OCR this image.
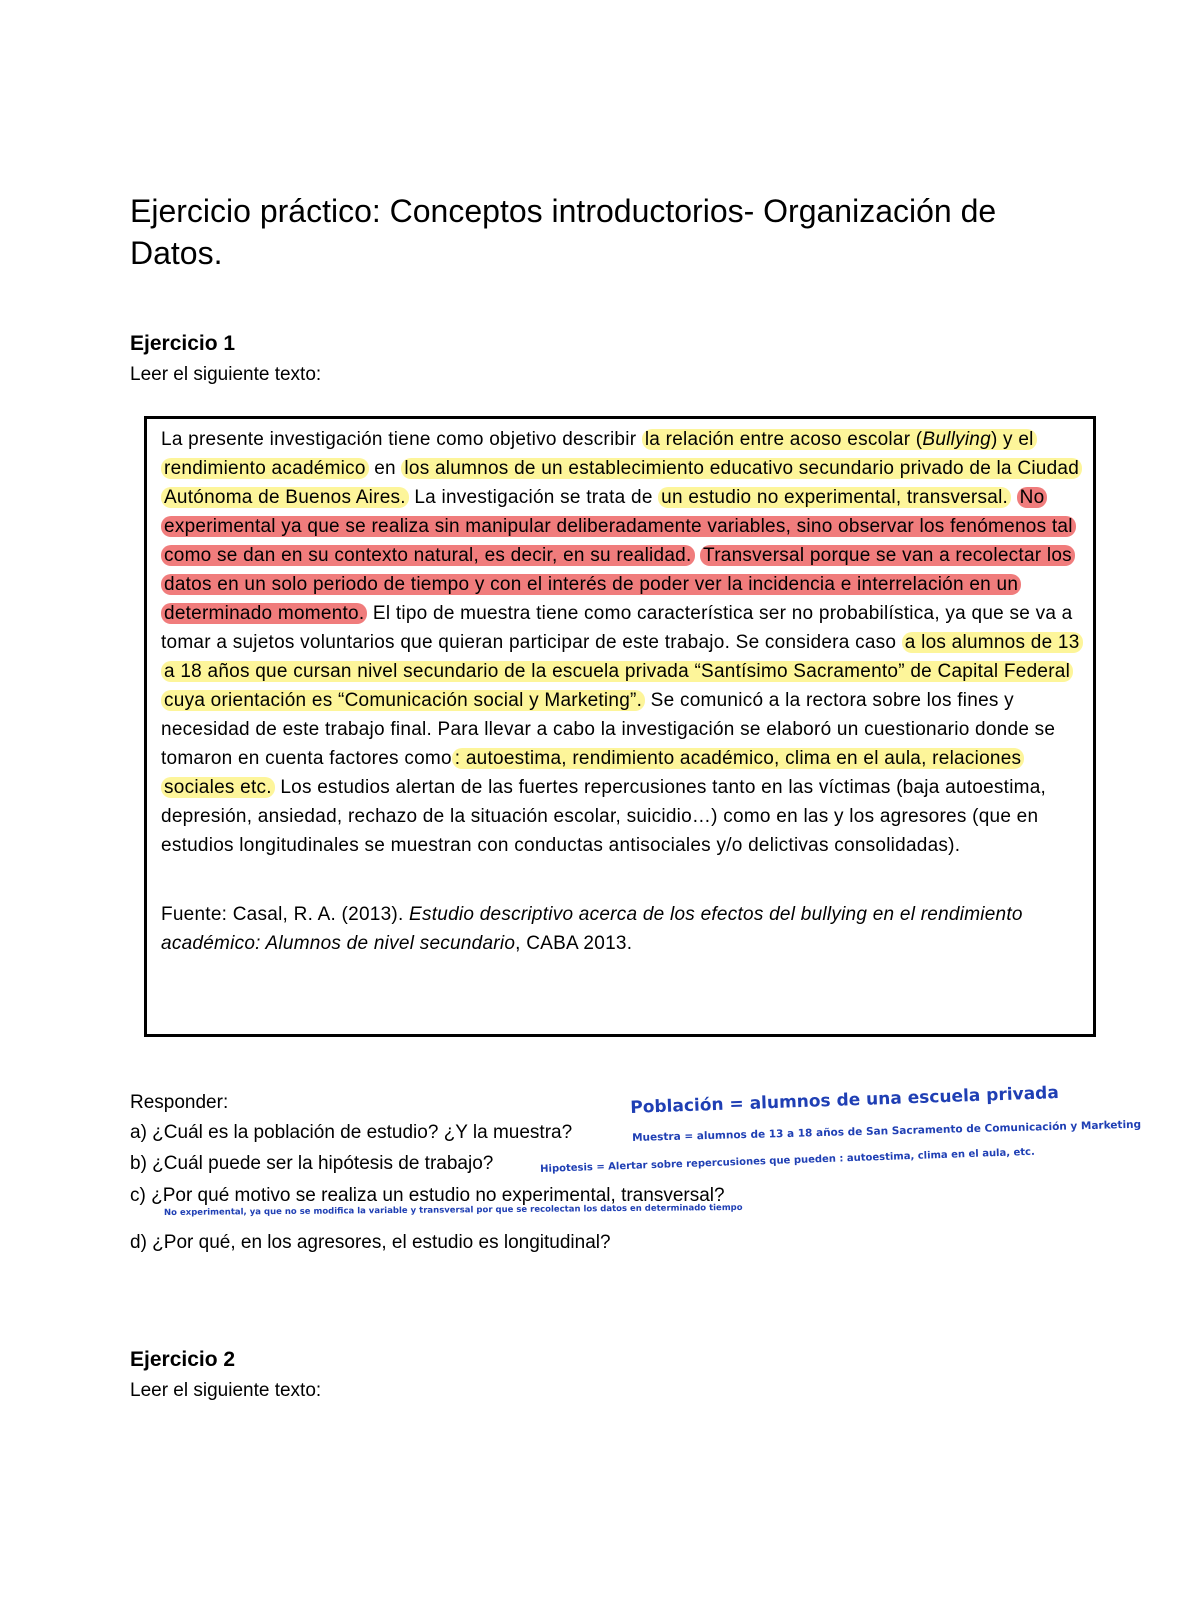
Ejercicio práctico: Conceptos introductorios- Organización de Datos.
Ejercicio 1
Leer el siguiente texto:
La presente investigación tiene como objetivo describir la relación entre acoso escolar (Bullying) y el rendimiento académico en los alumnos de un establecimiento educativo secundario privado de la Ciudad Autónoma de Buenos Aires. La investigación se trata de un estudio no experimental, transversal. No experimental ya que se realiza sin manipular deliberadamente variables, sino observar los fenómenos tal como se dan en su contexto natural, es decir, en su realidad. Transversal porque se van a recolectar los datos en un solo periodo de tiempo y con el interés de poder ver la incidencia e interrelación en un determinado momento. El tipo de muestra tiene como característica ser no probabilística, ya que se va a tomar a sujetos voluntarios que quieran participar de este trabajo. Se considera caso a los alumnos de 13 a 18 años que cursan nivel secundario de la escuela privada “Santísimo Sacramento” de Capital Federal cuya orientación es “Comunicación social y Marketing”. Se comunicó a la rectora sobre los fines y necesidad de este trabajo final. Para llevar a cabo la investigación se elaboró un cuestionario donde se tomaron en cuenta factores como : autoestima, rendimiento académico, clima en el aula, relaciones sociales etc. Los estudios alertan de las fuertes repercusiones tanto en las víctimas (baja autoestima, depresión, ansiedad, rechazo de la situación escolar, suicidio…) como en las y los agresores (que en estudios longitudinales se muestran con conductas antisociales y/o delictivas consolidadas).
Fuente: Casal, R. A. (2013). Estudio descriptivo acerca de los efectos del bullying en el rendimiento académico: Alumnos de nivel secundario, CABA 2013.
Responder:
a) ¿Cuál es la población de estudio? ¿Y la muestra?
b) ¿Cuál puede ser la hipótesis de trabajo?
c) ¿Por qué motivo se realiza un estudio no experimental, transversal?
d) ¿Por qué, en los agresores, el estudio es longitudinal?
Población = alumnos de una escuela privada
Muestra = alumnos de 13 a 18 años de San Sacramento de Comunicación y Marketing
Hipotesis = Alertar sobre repercusiones que pueden : autoestima, clima en el aula, etc.
No experimental, ya que no se modifica la variable y transversal por que se recolectan los datos en determinado tiempo
Ejercicio 2
Leer el siguiente texto:
